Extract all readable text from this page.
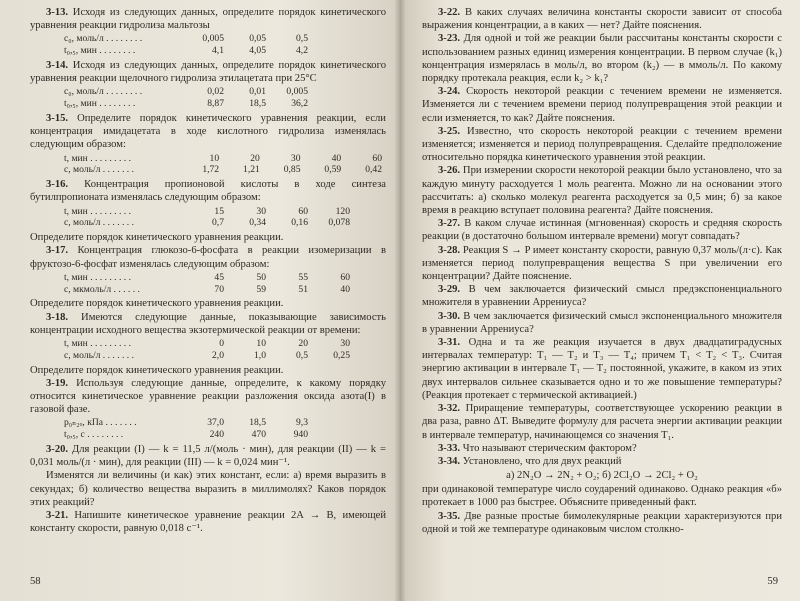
3-13. Исходя из следующих данных, определите порядок кинетического уравнения реакции гидролиза мальтозы

c₀, моль/л . . . . . . . .	0,005	0,05	0,5
t₀,₅, мин . . . . . . . .	4,1	4,05	4,2

3-14. Исходя из следующих данных, определите порядок кинетического уравнения реакции щелочного гидролиза этилацетата при 25°С

c₀, моль/л . . . . . . . .	0,02	0,01	0,005
t₀,₅, мин . . . . . . . .	8,87	18,5	36,2

3-15. Определите порядок кинетического уравнения реакции, если концентрация имидацетата в ходе кислотного гидролиза изменялась следующим образом:

t, мин . . . . . . . . .	10	20	30	40	60
c, моль/л . . . . . . .	1,72	1,21	0,85	0,59	0,42

3-16. Концентрация пропионовой кислоты в ходе синтеза бутилпропионата изменялась следующим образом:

t, мин . . . . . . . . .	15	30	60	120
c, моль/л . . . . . . .	0,7	0,34	0,16	0,078

Определите порядок кинетического уравнения реакции.

3-17. Концентрация глюкозо-6-фосфата в реакции изомеризации в фруктозо-6-фосфат изменялась следующим образом:

t, мин . . . . . . . . .	45	50	55	60
c, мкмоль/л . . . . . .	70	59	51	40

Определите порядок кинетического уравнения реакции.

3-18. Имеются следующие данные, показывающие зависимость концентрации исходного вещества экзотермической реакции от времени:

t, мин . . . . . . . . .	0	10	20	30
c, моль/л . . . . . . .	2,0	1,0	0,5	0,25

Определите порядок кинетического уравнения реакции.

3-19. Используя следующие данные, определите, к какому порядку относится кинетическое уравнение реакции разложения оксида азота(I) в газовой фазе.

p₀ₙ₂ₒ, кПа . . . . . . .	37,0	18,5	9,3
t₀,₅, с . . . . . . . .	240	470	940

3-20. Для реакции (I) — k = 11,5 л/(моль · мин), для реакции (II) — k = 0,031 моль/(л · мин), для реакции (III) — k = 0,024 мин⁻¹.

Изменятся ли величины (и как) этих констант, если: а) время выразить в секундах; б) количество вещества выразить в миллимолях? Каков порядок этих реакций?

3-21. Напишите кинетическое уравнение реакции 2A → B, имеющей константу скорости, равную 0,018 с⁻¹.

58

3-22. В каких случаях величина константы скорости зависит от способа выражения концентрации, а в каких — нет? Дайте пояснения.

3-23. Для одной и той же реакции были рассчитаны константы скорости с использованием разных единиц измерения концентрации. В первом случае (k₁) концентрация измерялась в моль/л, во втором (k₂) — в ммоль/л. По какому порядку протекала реакция, если k₂ > k₁?

3-24. Скорость некоторой реакции с течением времени не изменяется. Изменяется ли с течением времени период полупревращения этой реакции и если изменяется, то как? Дайте пояснения.

3-25. Известно, что скорость некоторой реакции с течением времени изменяется; изменяется и период полупревращения. Сделайте предположение относительно порядка кинетического уравнения этой реакции.

3-26. При измерении скорости некоторой реакции было установлено, что за каждую минуту расходуется 1 моль реагента. Можно ли на основании этого рассчитать: а) сколько молекул реагента расходуется за 0,5 мин; б) за какое время в реакцию вступает половина реагента? Дайте пояснения.

3-27. В каком случае истинная (мгновенная) скорость и средняя скорость реакции (в достаточно большом интервале времени) могут совпадать?

3-28. Реакция S → P имеет константу скорости, равную 0,37 моль/(л·с). Как изменяется период полупревращения вещества S при увеличении его концентрации? Дайте пояснение.

3-29. В чем заключается физический смысл предэкспоненциального множителя в уравнении Аррениуса?

3-30. В чем заключается физический смысл экспоненциального множителя в уравнении Аррениуса?

3-31. Одна и та же реакция изучается в двух двадцатиградусных интервалах температур: T₁ — T₂ и T₃ — T₄; причем T₁ < T₂ < T₃. Считая энергию активации в интервале T₁ — T₂ постоянной, укажите, в каком из этих двух интервалов сильнее сказывается одно и то же повышение температуры? (Реакция протекает с термической активацией.)

3-32. Приращение температуры, соответствующее ускорению реакции в два раза, равно ΔT. Выведите формулу для расчета энергии активации реакции в интервале температур, начинающемся со значения T₁.

3-33. Что называют стерическим фактором?

3-34. Установлено, что для двух реакций

а) 2N₂O → 2N₂ + O₂; б) 2Cl₂O → 2Cl₂ + O₂

при одинаковой температуре число соударений одинаково. Однако реакция «б» протекает в 1000 раз быстрее. Объясните приведенный факт.

3-35. Две разные простые бимолекулярные реакции характеризуются при одной и той же температуре одинаковым числом столкно-

59
